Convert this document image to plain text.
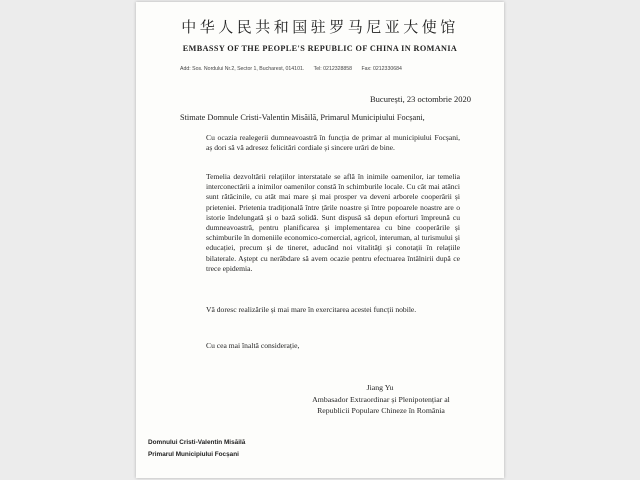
中华人民共和国驻罗马尼亚大使馆
EMBASSY OF THE PEOPLE'S REPUBLIC OF CHINA IN ROMANIA
Add: Sos. Nordului Nr.2, Sector 1, Bucharest, 014101. Tel: 0212328858 Fax: 0212330684
București, 23 octombrie 2020
Stimate Domnule Cristi-Valentin Misăilă, Primarul Municipiului Focșani,
Cu ocazia realegerii dumneavoastră în funcția de primar al municipiului Focșani, aș dori să vă adresez felicitări cordiale și sincere urări de bine.
Temelia dezvoltării relațiilor interstatale se află în inimile oamenilor, iar temelia interconectării a inimilor oamenilor constă în schimburile locale. Cu cât mai atânci sunt rătăcinile, cu atât mai mare și mai prosper va deveni arborele cooperării și prieteniei. Prietenia tradițională între țările noastre și între popoarele noastre are o istorie îndelungată și o bază solidă. Sunt dispusă să depun eforturi împreună cu dumneavoastră, pentru planificarea și implementarea cu bine cooperările și schimburile în domeniile economico-comercial, agricol, interuman, al turismului și educației, precum și de tineret, aducând noi vitalități și conotații în relațiile bilaterale. Aștept cu nerăbdare să avem ocazie pentru efectuarea întâlnirii după ce trece epidemia.
Vă doresc realizările și mai mare în exercitarea acestei funcții nobile.
Cu cea mai înaltă considerație,
Jiang Yu
Ambasador Extraordinar și Plenipotențiar al
Republicii Populare Chineze în România
Domnului Cristi-Valentin Misăilă
Primarul Municipiului Focșani
